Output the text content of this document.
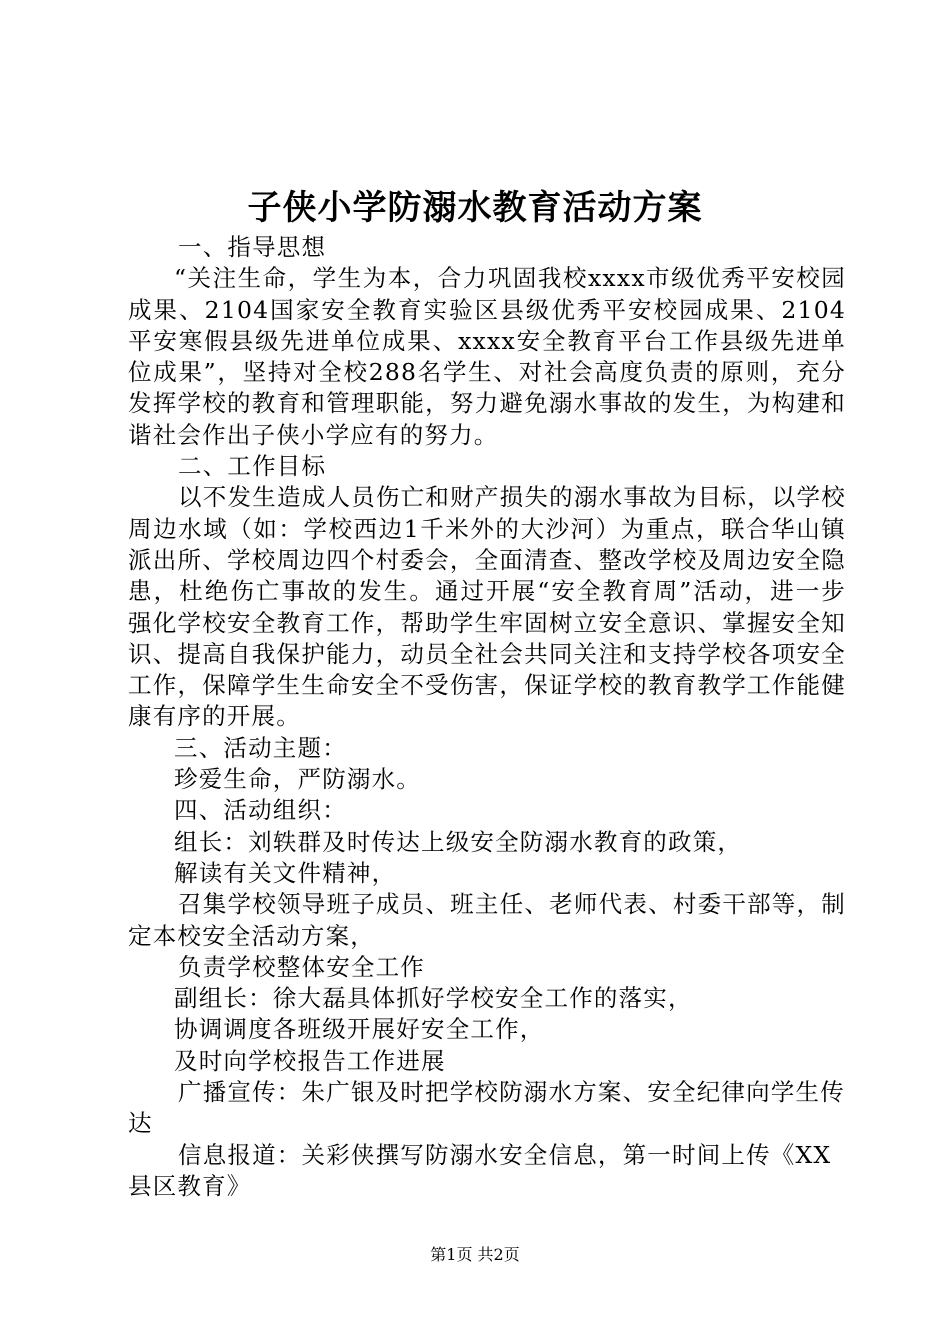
子侠小学防溺水教育活动方案

一、指导思想

“关注生命，学生为本，合力巩固我校xxxx市级优秀平安校园成果、2104国家安全教育实验区县级优秀平安校园成果、2104平安寒假县级先进单位成果、xxxx安全教育平台工作县级先进单位成果”，坚持对全校288名学生、对社会高度负责的原则，充分发挥学校的教育和管理职能，努力避免溺水事故的发生，为构建和谐社会作出子侠小学应有的努力。

二、工作目标

以不发生造成人员伤亡和财产损失的溺水事故为目标，以学校周边水域（如：学校西边1千米外的大沙河）为重点，联合华山镇派出所、学校周边四个村委会，全面清查、整改学校及周边安全隐患，杜绝伤亡事故的发生。通过开展“安全教育周”活动，进一步强化学校安全教育工作，帮助学生牢固树立安全意识、掌握安全知识、提高自我保护能力，动员全社会共同关注和支持学校各项安全工作，保障学生生命安全不受伤害，保证学校的教育教学工作能健康有序的开展。

三、活动主题：

珍爱生命，严防溺水。

四、活动组织：

组长：刘轶群及时传达上级安全防溺水教育的政策，

解读有关文件精神，

召集学校领导班子成员、班主任、老师代表、村委干部等，制定本校安全活动方案，

负责学校整体安全工作

副组长：徐大磊具体抓好学校安全工作的落实，

协调调度各班级开展好安全工作，

及时向学校报告工作进展

广播宣传：朱广银及时把学校防溺水方案、安全纪律向学生传达

信息报道：关彩侠撰写防溺水安全信息，第一时间上传《XX县区教育》

第1页 共2页
